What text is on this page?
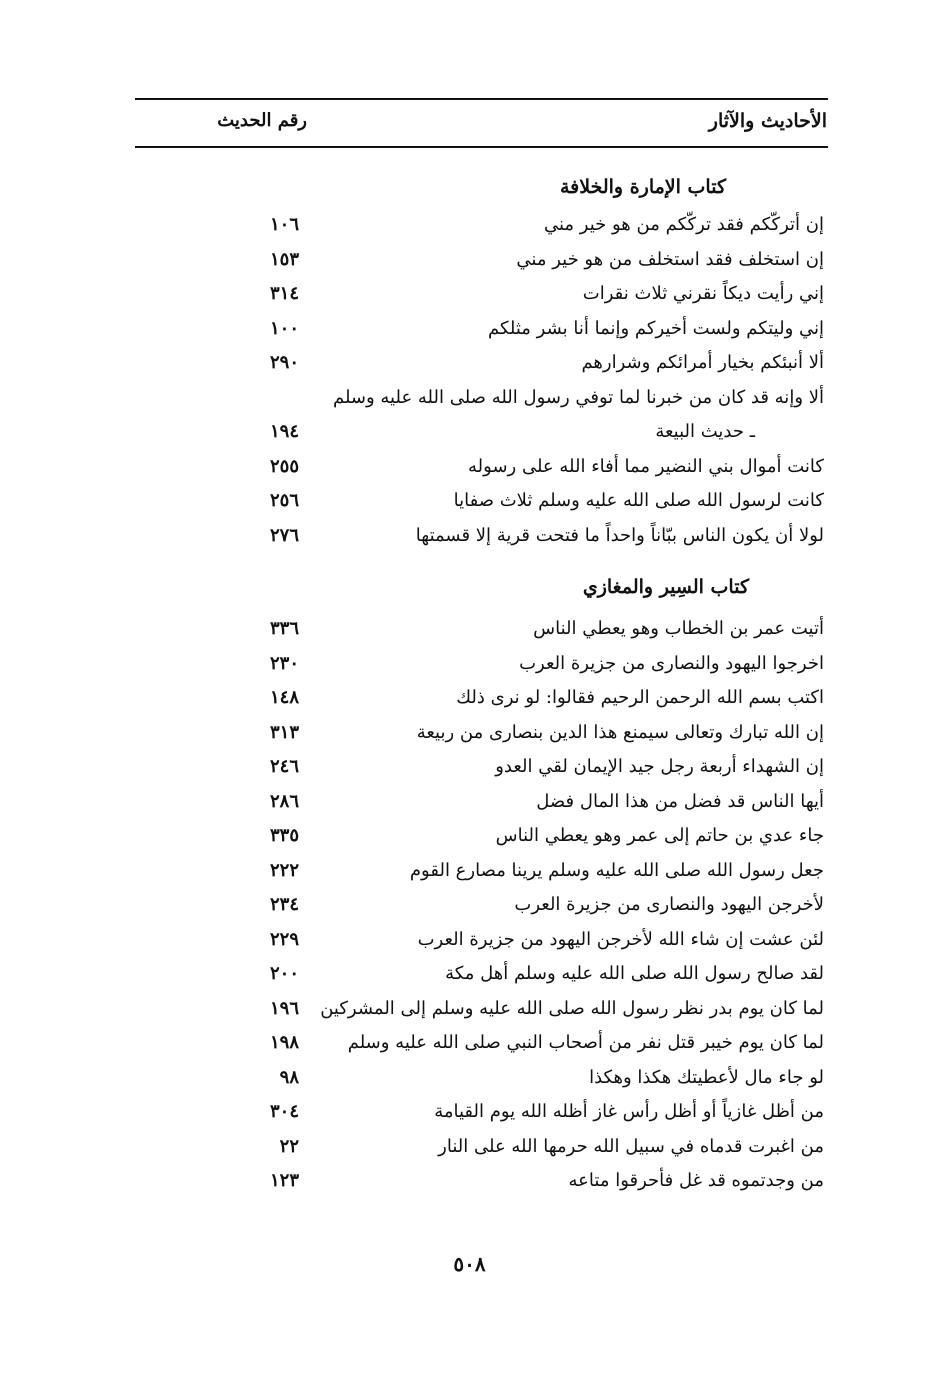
الأحاديث والآثار
رقم الحديث
كتاب الإمارة والخلافة
إن أتركّكم فقد تركّكم من هو خير مني
١٠٦
إن استخلف فقد استخلف من هو خير مني
١٥٣
إني رأيت ديكاً نقرني ثلاث نقرات
٣١٤
إني وليتكم ولست أخيركم وإنما أنا بشر مثلكم
١٠٠
ألا أنبئكم بخيار أمرائكم وشرارهم
٢٩٠
ألا وإنه قد كان من خبرنا لما توفي رسول الله صلى الله عليه وسلم
ـ حديث البيعة
١٩٤
كانت أموال بني النضير مما أفاء الله على رسوله
٢٥٥
كانت لرسول الله صلى الله عليه وسلم ثلاث صفايا
٢٥٦
لولا أن يكون الناس ببّاناً واحداً ما فتحت قرية إلا قسمتها
٢٧٦
كتاب السِير والمغازي
أتيت عمر بن الخطاب وهو يعطي الناس
٣٣٦
اخرجوا اليهود والنصارى من جزيرة العرب
٢٣٠
اكتب بسم الله الرحمن الرحيم فقالوا: لو نرى ذلك
١٤٨
إن الله تبارك وتعالى سيمنع هذا الدين بنصارى من ربيعة
٣١٣
إن الشهداء أربعة رجل جيد الإيمان لقي العدو
٢٤٦
أيها الناس قد فضل من هذا المال فضل
٢٨٦
جاء عدي بن حاتم إلى عمر وهو يعطي الناس
٣٣٥
جعل رسول الله صلى الله عليه وسلم يرينا مصارع القوم
٢٢٢
لأخرجن اليهود والنصارى من جزيرة العرب
٢٣٤
لئن عشت إن شاء الله لأخرجن اليهود من جزيرة العرب
٢٢٩
لقد صالح رسول الله صلى الله عليه وسلم أهل مكة
٢٠٠
لما كان يوم بدر نظر رسول الله صلى الله عليه وسلم إلى المشركين
١٩٦
لما كان يوم خيبر قتل نفر من أصحاب النبي صلى الله عليه وسلم
١٩٨
لو جاء مال لأعطيتك هكذا وهكذا
٩٨
من أظل غازياً أو أظل رأس غاز أظله الله يوم القيامة
٣٠٤
من اغبرت قدماه في سبيل الله حرمها الله على النار
٢٢
من وجدتموه قد غل فأحرقوا متاعه
١٢٣
٥٠٨
